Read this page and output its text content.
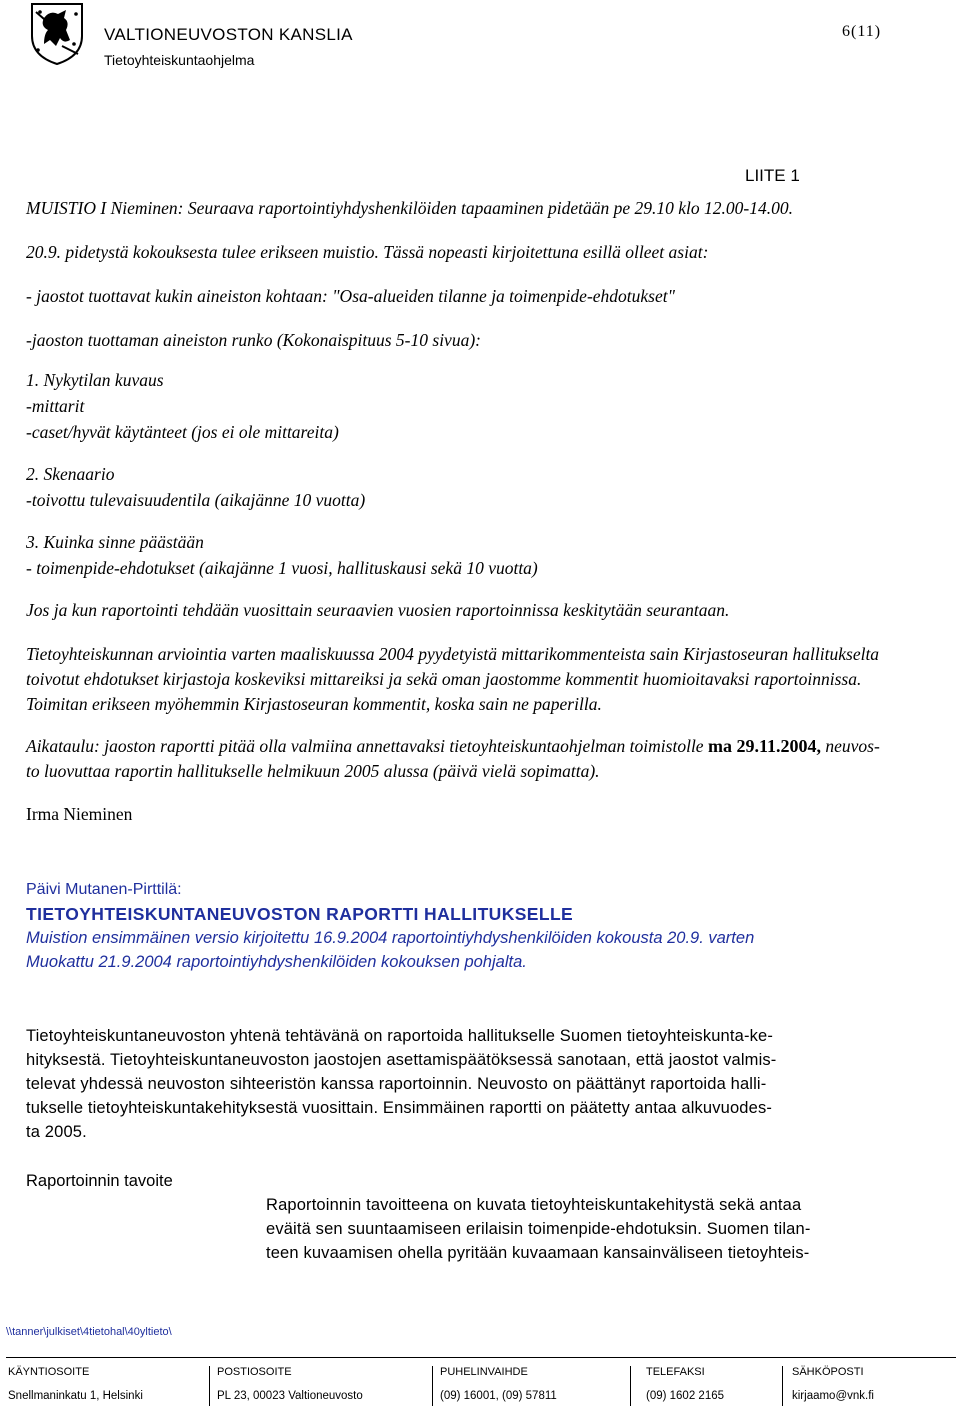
VALTIONEUVOSTON KANSLIA
Tietoyhteiskuntaohjelma
6(11)
LIITE 1
MUISTIO I Nieminen: Seuraava raportointiyhdyshenkilöiden tapaaminen pidetään pe 29.10 klo 12.00-14.00.
20.9. pidetystä kokouksesta tulee erikseen muistio. Tässä nopeasti kirjoitettuna esillä olleet asiat:
- jaostot tuottavat kukin aineiston kohtaan: "Osa-alueiden tilanne ja toimenpide-ehdotukset"
-jaoston tuottaman aineiston runko (Kokonaispituus 5-10 sivua):
1. Nykytilan kuvaus
-mittarit
-caset/hyvät käytänteet (jos ei ole mittareita)
2. Skenaario
-toivottu tulevaisuudentila (aikajänne 10 vuotta)
3. Kuinka sinne päästään
- toimenpide-ehdotukset (aikajänne 1 vuosi, hallituskausi sekä 10 vuotta)
Jos ja kun raportointi tehdään vuosittain seuraavien vuosien raportoinnissa keskitytään seurantaan.
Tietoyhteiskunnan arviointia varten maaliskuussa 2004 pyydetyistä mittarikommenteista sain Kirjastoseuran hallitukselta
toivotut ehdotukset kirjastoja koskeviksi mittareiksi ja sekä oman jaostomme kommentit huomioitavaksi raportoinnissa.
Toimitan erikseen myöhemmin Kirjastoseuran kommentit, koska sain ne paperilla.
Aikataulu: jaoston raportti pitää olla valmiina annettavaksi tietoyhteiskuntaohjelman toimistolle ma 29.11.2004, neuvos-
to luovuttaa raportin hallitukselle helmikuun 2005 alussa (päivä vielä sopimatta).
Irma Nieminen
Päivi Mutanen-Pirttilä:
TIETOYHTEISKUNTANEUVOSTON RAPORTTI HALLITUKSELLE
Muistion ensimmäinen versio kirjoitettu 16.9.2004 raportointiyhdyshenkilöiden kokousta 20.9. varten
Muokattu 21.9.2004 raportointiyhdyshenkilöiden kokouksen pohjalta.
Tietoyhteiskuntaneuvoston yhtenä tehtävänä on raportoida hallitukselle Suomen tietoyhteiskunta-ke-
hityksestä. Tietoyhteiskuntaneuvoston jaostojen asettamispäätöksessä sanotaan, että jaostot valmis-
televat yhdessä neuvoston sihteeristön kanssa raportoinnin. Neuvosto on päättänyt raportoida halli-
tukselle tietoyhteiskuntakehityksestä vuosittain. Ensimmäinen raportti on päätetty antaa alkuvuodes-
ta 2005.
Raportoinnin tavoite
Raportoinnin tavoitteena on kuvata tietoyhteiskuntakehitystä sekä antaa
eväitä sen suuntaamiseen erilaisin toimenpide-ehdotuksin. Suomen tilan-
teen kuvaamisen ohella pyritään kuvaamaan kansainväliseen tietoyhteis-
\\tanner\julkiset\4tietohal\40yltieto\
KÄYNTIOSOITE
Snellmaninkatu 1, Helsinki
POSTIOSOITE
PL 23, 00023 Valtioneuvosto
PUHELINVAIHDE
(09) 16001, (09) 57811
TELEFAKSI
(09) 1602 2165
SÄHKÖPOSTI
kirjaamo@vnk.fi
